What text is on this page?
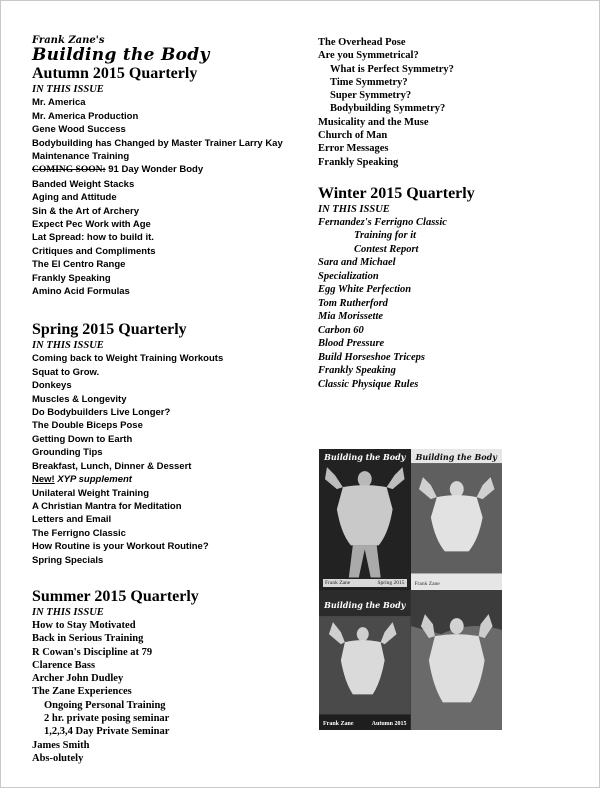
Frank Zane's
Building the Body
Autumn 2015 Quarterly
IN THIS ISSUE
Mr. America
Mr. America Production
Gene Wood Success
Bodybuilding has Changed by Master Trainer Larry Kay
Maintenance Training
COMING SOON: 91 Day Wonder Body
Banded Weight Stacks
Aging and Attitude
Sin & the Art of Archery
Expect Pec Work with Age
Lat Spread: how to build it.
Critiques and Compliments
The El Centro Range
Frankly Speaking
Amino Acid Formulas
Spring 2015 Quarterly
IN THIS ISSUE
Coming back to Weight Training Workouts
Squat to Grow.
Donkeys
Muscles & Longevity
Do Bodybuilders Live Longer?
The Double Biceps Pose
Getting Down to Earth
Grounding Tips
Breakfast, Lunch, Dinner & Dessert
New! XYP supplement
Unilateral Weight Training
A Christian Mantra for Meditation
Letters and Email
The Ferrigno Classic
How Routine is your Workout Routine?
Spring Specials
Summer 2015 Quarterly
IN THIS ISSUE
How to Stay Motivated
Back in Serious Training
R Cowan's Discipline at 79
Clarence Bass
Archer John Dudley
The Zane Experiences
Ongoing Personal Training
2 hr. private posing seminar
1,2,3,4 Day Private Seminar
James Smith
Abs-olutely
The Overhead Pose
Are you Symmetrical?
What is Perfect Symmetry?
Time Symmetry?
Super Symmetry?
Bodybuilding Symmetry?
Musicality and the Muse
Church of Man
Error Messages
Frankly Speaking
Winter 2015 Quarterly
IN THIS ISSUE
Fernandez's Ferrigno Classic
Training for it
Contest Report
Sara and Michael
Specialization
Egg White Perfection
Tom Rutherford
Mia Morissette
Carbon 60
Blood Pressure
Build Horseshoe Triceps
Frankly Speaking
Classic Physique Rules
Building the Body
Frank Zane	Spring 2015
Building the Body
Frank Zane
Building the Body
Frank Zane	Autumn 2015
